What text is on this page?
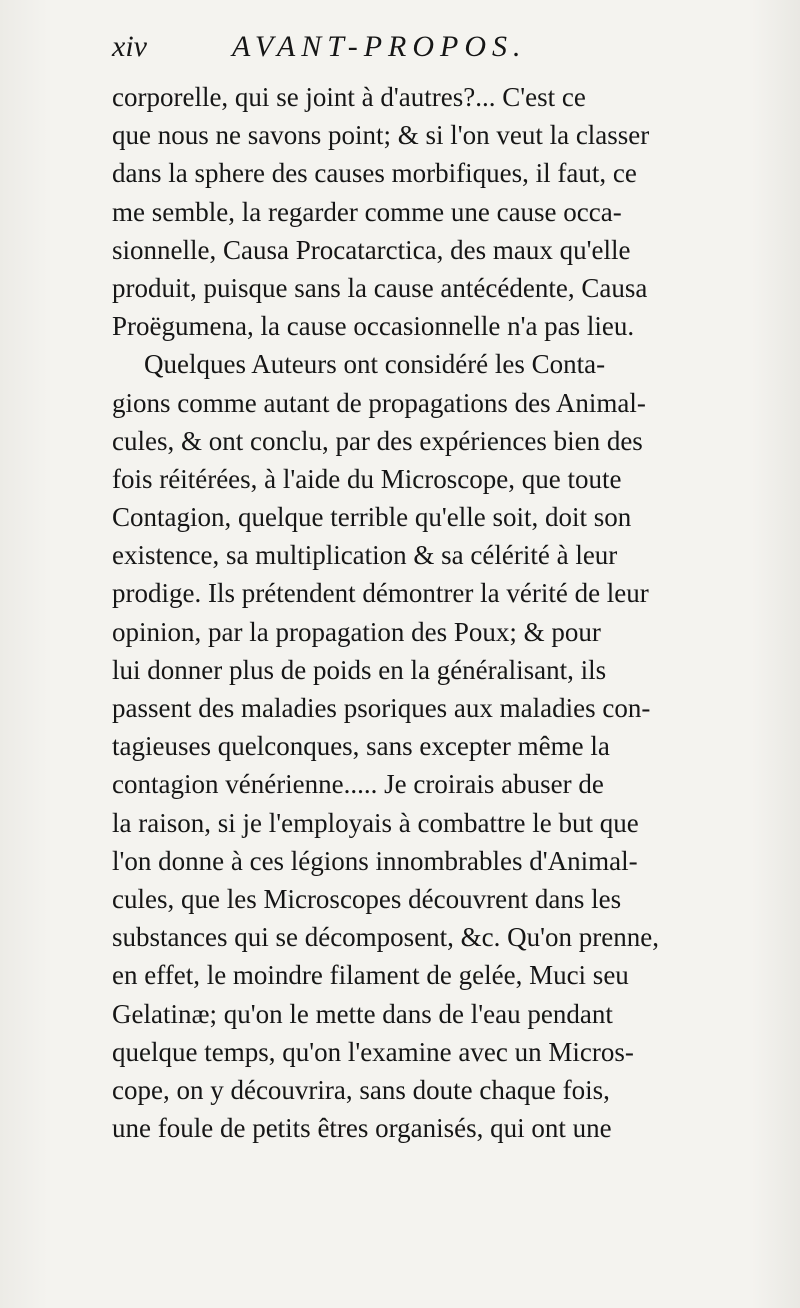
xiv	AVANT-PROPOS.
corporelle, qui se joint à d'autres?... C'est ce
que nous ne savons point; & si l'on veut la classer
dans la sphere des causes morbifiques, il faut, ce
me semble, la regarder comme une cause occa-
sionnelle, Causa Procatarctica, des maux qu'elle
produit, puisque sans la cause antécédente, Causa
Proëgumena, la cause occasionnelle n'a pas lieu.
Quelques Auteurs ont considéré les Conta-
gions comme autant de propagations des Animal-
cules, & ont conclu, par des expériences bien des
fois réitérées, à l'aide du Microscope, que toute
Contagion, quelque terrible qu'elle soit, doit son
existence, sa multiplication & sa célérité à leur
prodige. Ils prétendent démontrer la vérité de leur
opinion, par la propagation des Poux; & pour
lui donner plus de poids en la généralisant, ils
passent des maladies psoriques aux maladies con-
tagieuses quelconques, sans excepter même la
contagion vénérienne..... Je croirais abuser de
la raison, si je l'employais à combattre le but que
l'on donne à ces légions innombrables d'Animal-
cules, que les Microscopes découvrent dans les
substances qui se décomposent, &c. Qu'on prenne,
en effet, le moindre filament de gelée, Muci seu
Gelatinæ; qu'on le mette dans de l'eau pendant
quelque temps, qu'on l'examine avec un Micros-
cope, on y découvrira, sans doute chaque fois,
une foule de petits êtres organisés, qui ont une
